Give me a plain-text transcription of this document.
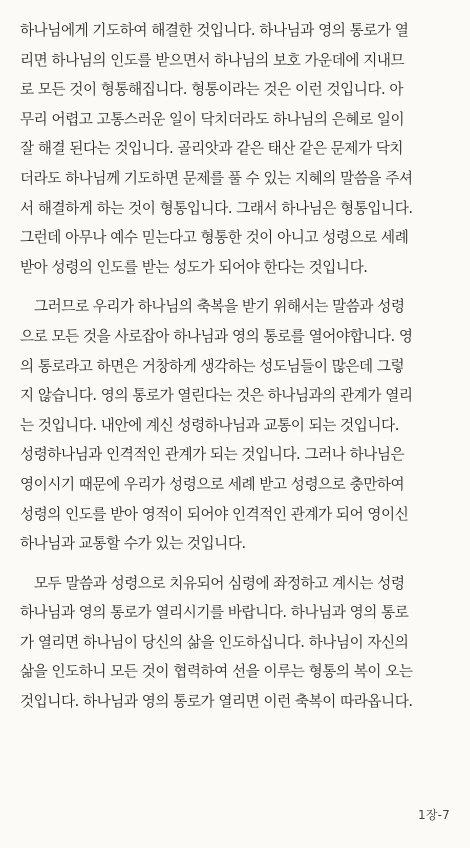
하나님에게 기도하여 해결한 것입니다. 하나님과 영의 통로가 열
리면 하나님의 인도를 받으면서 하나님의 보호 가운데에 지내므
로 모든 것이 형통해집니다. 형통이라는 것은 이런 것입니다. 아
무리 어렵고 고통스러운 일이 닥치더라도 하나님의 은혜로 일이
잘 해결 된다는 것입니다. 골리앗과 같은 태산 같은 문제가 닥치
더라도 하나님께 기도하면 문제를 풀 수 있는 지혜의 말씀을 주셔
서 해결하게 하는 것이 형통입니다. 그래서 하나님은 형통입니다.
그런데 아무나 예수 믿는다고 형통한 것이 아니고 성령으로 세례
받아 성령의 인도를 받는 성도가 되어야 한다는 것입니다.
그러므로 우리가 하나님의 축복을 받기 위해서는 말씀과 성령
으로 모든 것을 사로잡아 하나님과 영의 통로를 열어야합니다. 영
의 통로라고 하면은 거창하게 생각하는 성도님들이 많은데 그렇
지 않습니다. 영의 통로가 열린다는 것은 하나님과의 관계가 열리
는 것입니다. 내안에 계신 성령하나님과 교통이 되는 것입니다.
성령하나님과 인격적인 관계가 되는 것입니다. 그러나 하나님은
영이시기 때문에 우리가 성령으로 세례 받고 성령으로 충만하여
성령의 인도를 받아 영적이 되어야 인격적인 관계가 되어 영이신
하나님과 교통할 수가 있는 것입니다.
모두 말씀과 성령으로 치유되어 심령에 좌정하고 계시는 성령
하나님과 영의 통로가 열리시기를 바랍니다. 하나님과 영의 통로
가 열리면 하나님이 당신의 삶을 인도하십니다. 하나님이 자신의
삶을 인도하니 모든 것이 협력하여 선을 이루는 형통의 복이 오는
것입니다. 하나님과 영의 통로가 열리면 이런 축복이 따라옵니다.
1장-7
